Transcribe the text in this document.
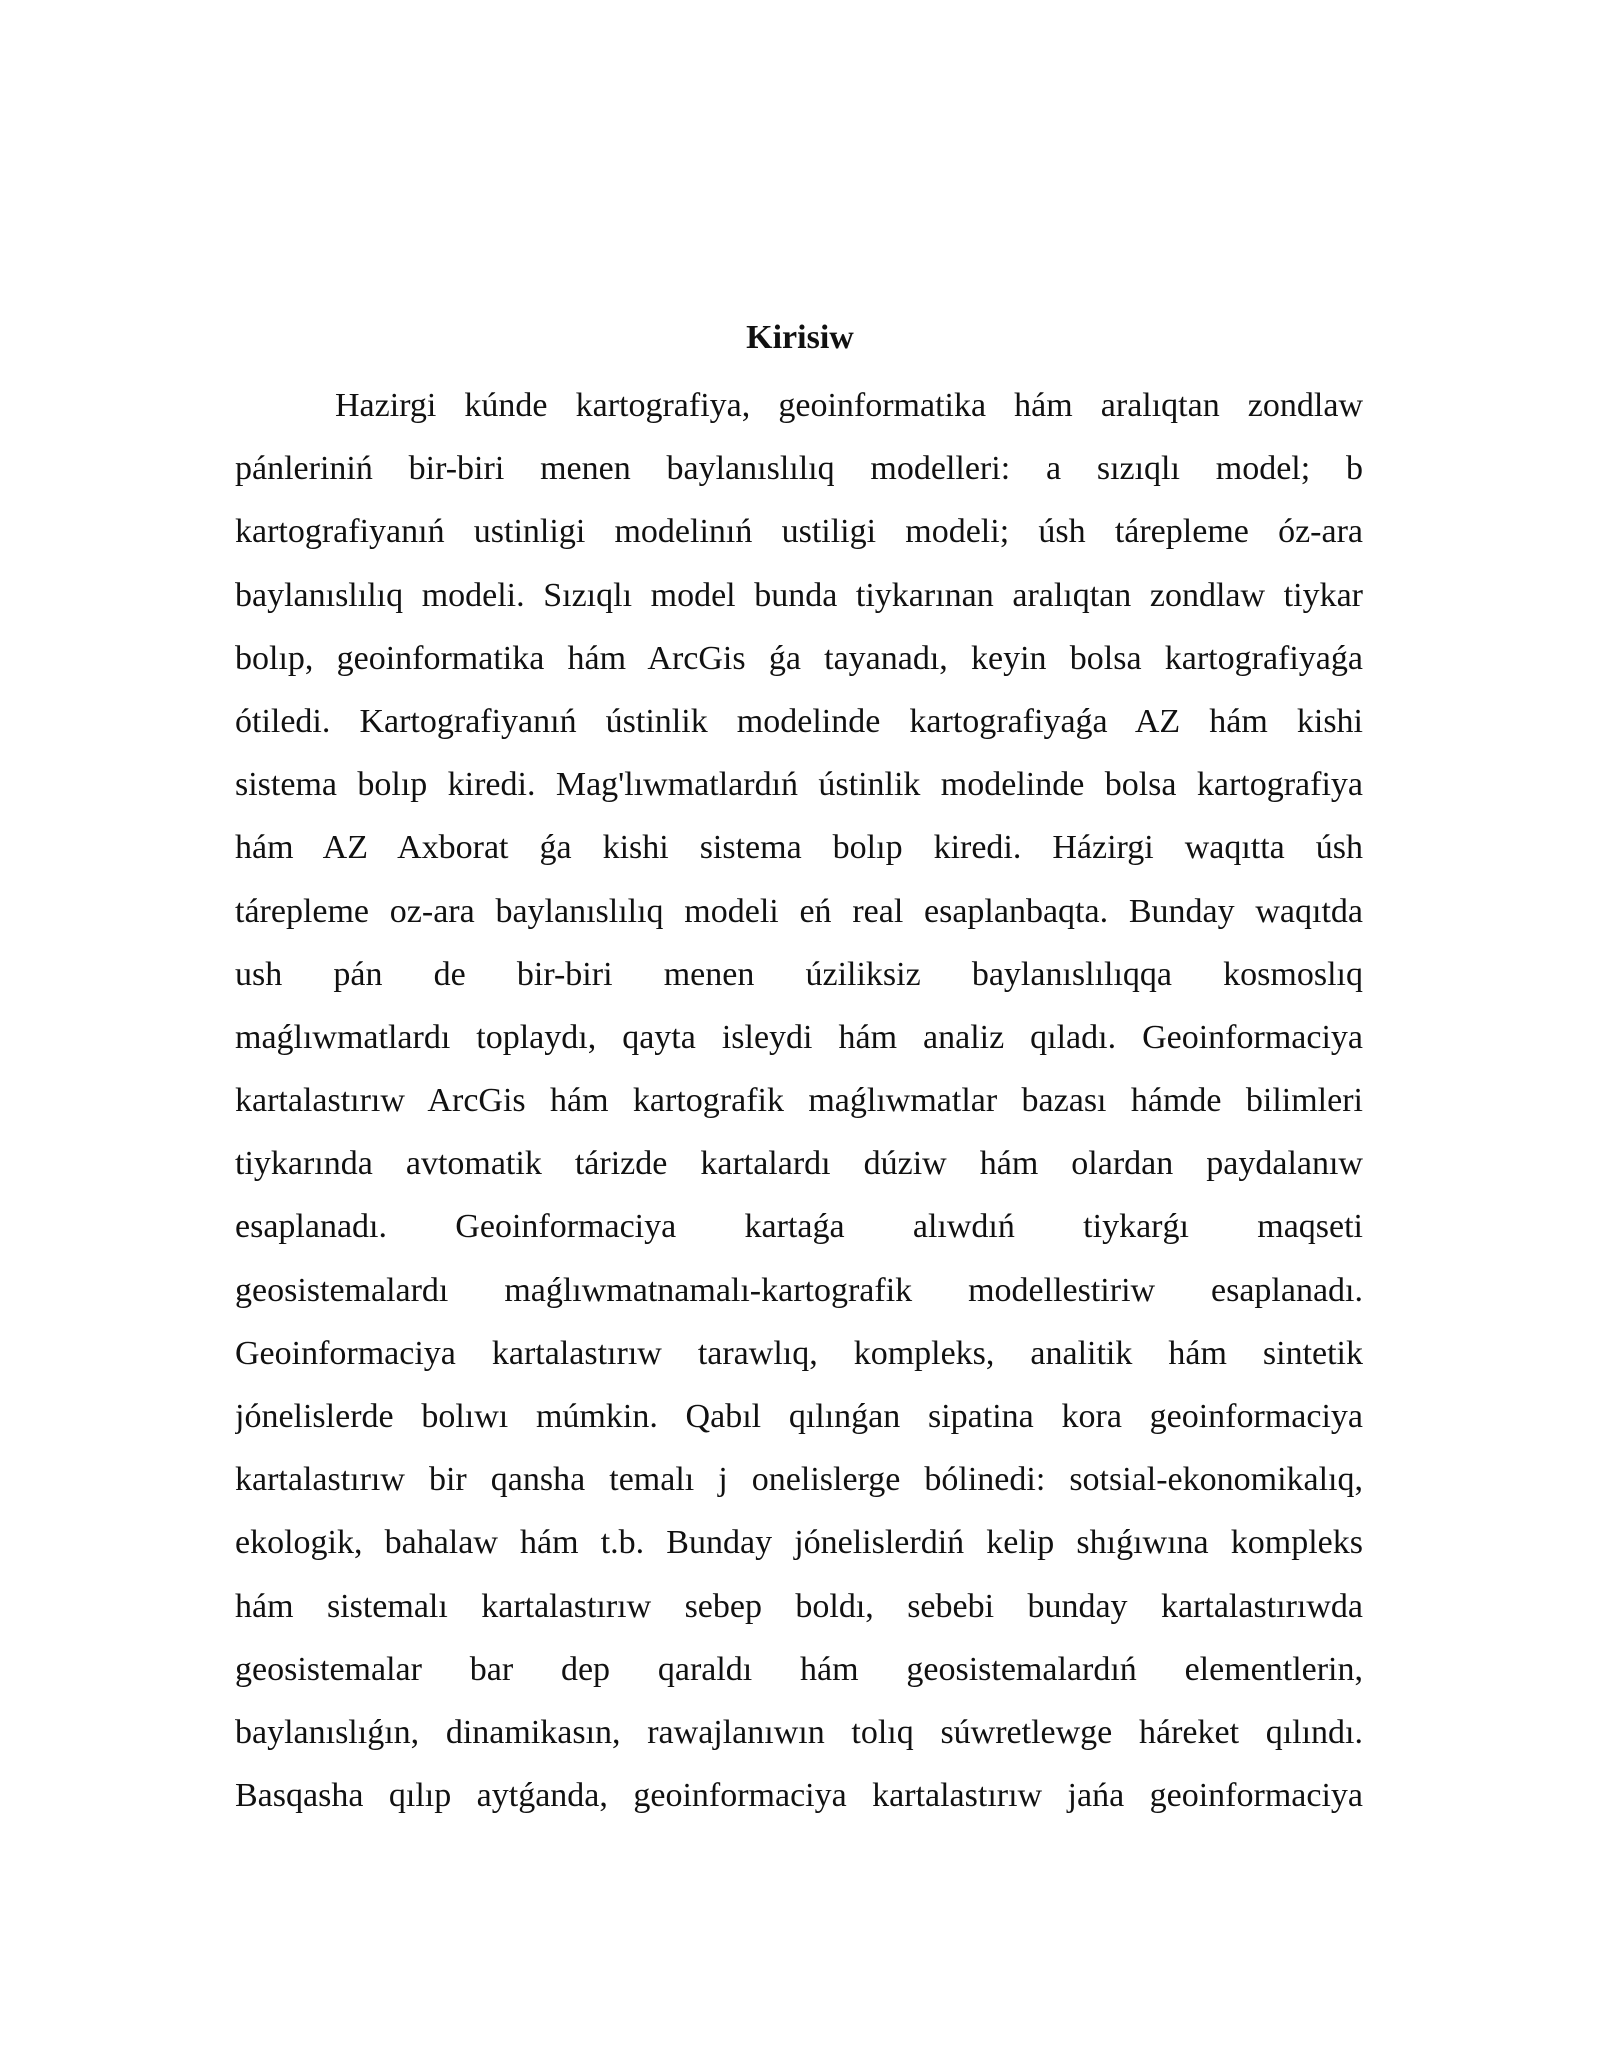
Kirisiw
Hazirgi kúnde kartografiya, geoinformatika hám aralıqtan zondlaw
pánleriniń bir-biri menen baylanıslılıq modelleri: a sızıqlı model; b
kartografiyanıń ustinligi modelinıń ustiligi modeli; úsh tárepleme óz-ara
baylanıslılıq modeli. Sızıqlı model bunda tiykarınan aralıqtan zondlaw tiykar
bolıp, geoinformatika hám ArcGis ǵa tayanadı, keyin bolsa kartografiyaǵa
ótiledi. Kartografiyanıń ústinlik modelinde kartografiyaǵa AZ hám kishi
sistema bolıp kiredi. Mag'lıwmatlardıń ústinlik modelinde bolsa kartografiya
hám AZ Axborat ǵa kishi sistema bolıp kiredi. Házirgi waqıtta úsh
tárepleme oz-ara baylanıslılıq modeli eń real esaplanbaqta. Bunday waqıtda
ush pán de bir-biri menen úziliksiz baylanıslılıqqa kosmoslıq
maǵlıwmatlardı toplaydı, qayta isleydi hám analiz qıladı. Geoinformaciya
kartalastırıw ArcGis hám kartografik maǵlıwmatlar bazası hámde bilimleri
tiykarında avtomatik tárizde kartalardı dúziw hám olardan paydalanıw
esaplanadı. Geoinformaciya kartaǵa alıwdıń tiykarǵı maqseti
geosistemalardı maǵlıwmatnamalı-kartografik modellestiriw esaplanadı.
Geoinformaciya kartalastırıw tarawlıq, kompleks, analitik hám sintetik
jónelislerde bolıwı múmkin. Qabıl qılınǵan sipatina kora geoinformaciya
kartalastırıw bir qansha temalı j onelislerge bólinedi: sotsial-ekonomikalıq,
ekologik, bahalaw hám t.b. Bunday jónelislerdiń kelip shıǵıwına kompleks
hám sistemalı kartalastırıw sebep boldı, sebebi bunday kartalastırıwda
geosistemalar bar dep qaraldı hám geosistemalardıń elementlerin,
baylanıslıǵın, dinamikasın, rawajlanıwın tolıq súwretlewge háreket qılındı.
Basqasha qılıp aytǵanda, geoinformaciya kartalastırıw jańa geoinformaciya
